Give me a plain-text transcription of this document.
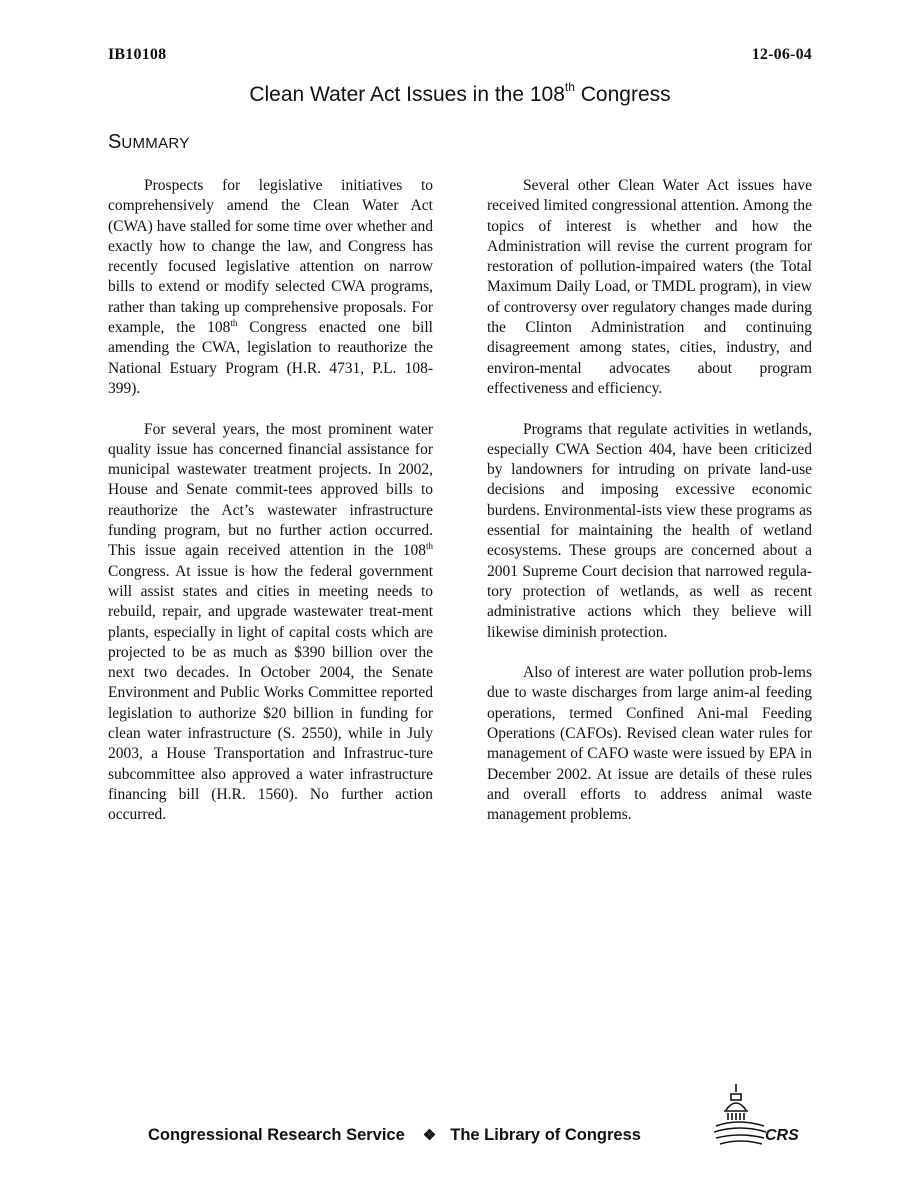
IB10108	12-06-04
Clean Water Act Issues in the 108th Congress
SUMMARY

Prospects for legislative initiatives to comprehensively amend the Clean Water Act (CWA) have stalled for some time over whether and exactly how to change the law, and Congress has recently focused legislative attention on narrow bills to extend or modify selected CWA programs, rather than taking up comprehensive proposals. For example, the 108th Congress enacted one bill amending the CWA, legislation to reauthorize the National Estuary Program (H.R. 4731, P.L. 108-399).

For several years, the most prominent water quality issue has concerned financial assistance for municipal wastewater treatment projects. In 2002, House and Senate commit-tees approved bills to reauthorize the Act’s wastewater infrastructure funding program, but no further action occurred. This issue again received attention in the 108th Congress. At issue is how the federal government will assist states and cities in meeting needs to rebuild, repair, and upgrade wastewater treat-ment plants, especially in light of capital costs which are projected to be as much as $390 billion over the next two decades. In October 2004, the Senate Environment and Public Works Committee reported legislation to authorize $20 billion in funding for clean water infrastructure (S. 2550), while in July 2003, a House Transportation and Infrastruc-ture subcommittee also approved a water infrastructure financing bill (H.R. 1560). No further action occurred.

Several other Clean Water Act issues have received limited congressional attention. Among the topics of interest is whether and how the Administration will revise the current program for restoration of pollution-impaired waters (the Total Maximum Daily Load, or TMDL program), in view of controversy over regulatory changes made during the Clinton Administration and continuing disagreement among states, cities, industry, and environ-mental advocates about program effectiveness and efficiency.

Programs that regulate activities in wetlands, especially CWA Section 404, have been criticized by landowners for intruding on private land-use decisions and imposing excessive economic burdens. Environmental-ists view these programs as essential for maintaining the health of wetland ecosystems. These groups are concerned about a 2001 Supreme Court decision that narrowed regula-tory protection of wetlands, as well as recent administrative actions which they believe will likewise diminish protection.

Also of interest are water pollution prob-lems due to waste discharges from large anim-al feeding operations, termed Confined Ani-mal Feeding Operations (CAFOs). Revised clean water rules for management of CAFO waste were issued by EPA in December 2002. At issue are details of these rules and overall efforts to address animal waste management problems.

Congressional Research Service ❖ The Library of Congress	CRS
